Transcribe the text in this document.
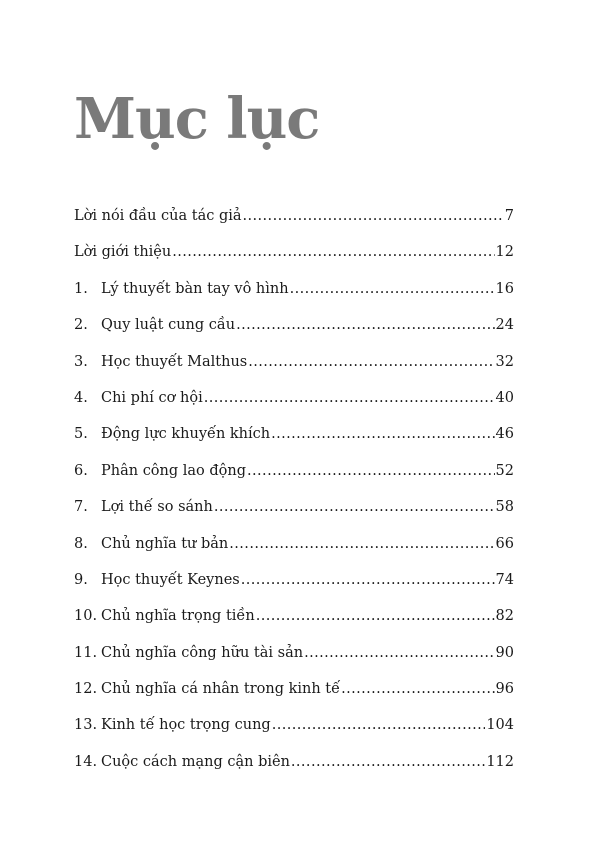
Mục lục
Lời nói đầu của tác giả .....	7
Lời giới thiệu .....	12
1. Lý thuyết bàn tay vô hình .....	16
2. Quy luật cung cầu .....	24
3. Học thuyết Malthus .....	32
4. Chi phí cơ hội .....	40
5. Động lực khuyến khích .....	46
6. Phân công lao động .....	52
7. Lợi thế so sánh .....	58
8. Chủ nghĩa tư bản .....	66
9. Học thuyết Keynes .....	74
10. Chủ nghĩa trọng tiền .....	82
11. Chủ nghĩa công hữu tài sản .....	90
12. Chủ nghĩa cá nhân trong kinh tế .....	96
13. Kinh tế học trọng cung .....	104
14. Cuộc cách mạng cận biên .....	112
